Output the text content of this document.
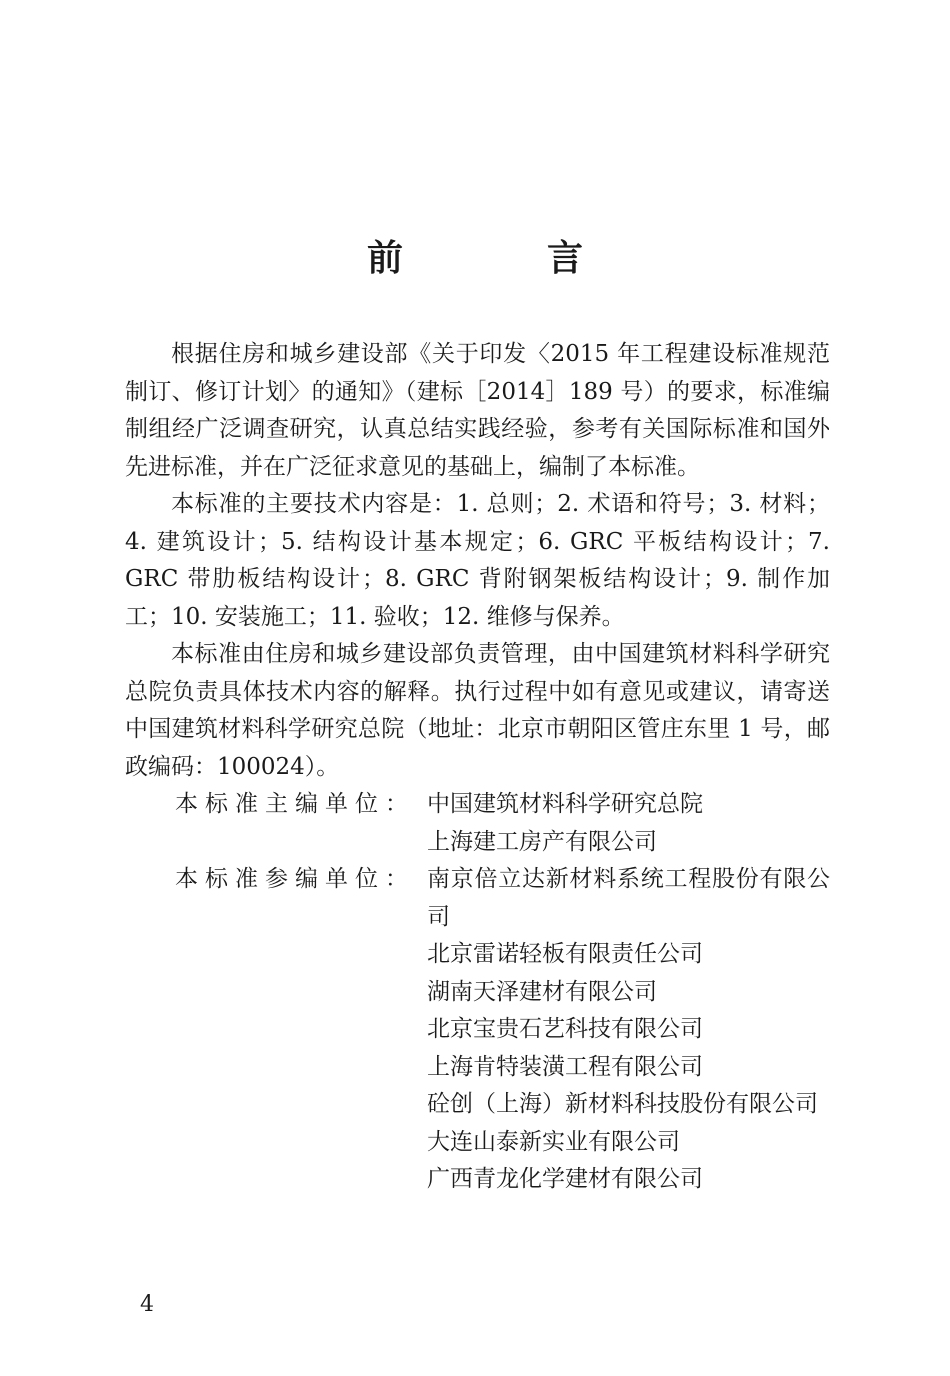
前　言

根据住房和城乡建设部《关于印发〈2015 年工程建设标准规范制订、修订计划〉的通知》（建标［2014］189 号）的要求，标准编制组经广泛调查研究，认真总结实践经验，参考有关国际标准和国外先进标准，并在广泛征求意见的基础上，编制了本标准。

本标准的主要技术内容是：1. 总则；2. 术语和符号；3. 材料；4. 建筑设计；5. 结构设计基本规定；6. GRC 平板结构设计；7. GRC 带肋板结构设计；8. GRC 背附钢架板结构设计；9. 制作加工；10. 安装施工；11. 验收；12. 维修与保养。

本标准由住房和城乡建设部负责管理，由中国建筑材料科学研究总院负责具体技术内容的解释。执行过程中如有意见或建议，请寄送中国建筑材料科学研究总院（地址：北京市朝阳区管庄东里 1 号，邮政编码：100024）。

本标准主编单位： 中国建筑材料科学研究总院
上海建工房产有限公司
本标准参编单位： 南京倍立达新材料系统工程股份有限公司
北京雷诺轻板有限责任公司
湖南天泽建材有限公司
北京宝贵石艺科技有限公司
上海肯特装潢工程有限公司
砼创（上海）新材料科技股份有限公司
大连山泰新实业有限公司
广西青龙化学建材有限公司
4
